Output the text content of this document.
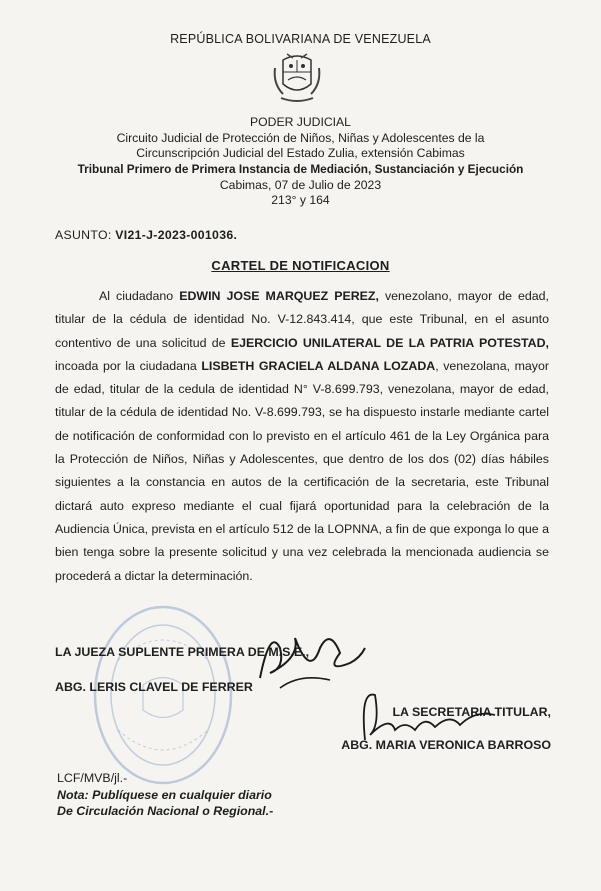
REPÚBLICA BOLIVARIANA DE VENEZUELA
PODER JUDICIAL
Circuito Judicial de Protección de Niños, Niñas y Adolescentes de la
Circunscripción Judicial del Estado Zulia, extensión Cabimas
Tribunal Primero de Primera Instancia de Mediación, Sustanciación y Ejecución
Cabimas, 07 de Julio de 2023
213° y 164
ASUNTO: VI21-J-2023-001036.
CARTEL DE NOTIFICACION

Al ciudadano EDWIN JOSE MARQUEZ PEREZ, venezolano, mayor de edad, titular de la cédula de identidad No. V-12.843.414, que este Tribunal, en el asunto contentivo de una solicitud de EJERCICIO UNILATERAL DE LA PATRIA POTESTAD, incoada por la ciudadana LISBETH GRACIELA ALDANA LOZADA, venezolana, mayor de edad, titular de la cedula de identidad N° V-8.699.793, venezolana, mayor de edad, titular de la cédula de identidad No. V-8.699.793, se ha dispuesto instarle mediante cartel de notificación de conformidad con lo previsto en el artículo 461 de la Ley Orgánica para la Protección de Niños, Niñas y Adolescentes, que dentro de los dos (02) días hábiles siguientes a la constancia en autos de la certificación de la secretaria, este Tribunal dictará auto expreso mediante el cual fijará oportunidad para la celebración de la Audiencia Única, prevista en el artículo 512 de la LOPNNA, a fin de que exponga lo que a bien tenga sobre la presente solicitud y una vez celebrada la mencionada audiencia se procederá a dictar la determinación.

LA JUEZA SUPLENTE PRIMERA DE M.S.E.,
ABG. LERIS CLAVEL DE FERRER
LA SECRETARIA TITULAR,
ABG. MARIA VERONICA BARROSO
LCF/MVB/jl.-
Nota: Publíquese en cualquier diario
De Circulación Nacional o Regional.-
